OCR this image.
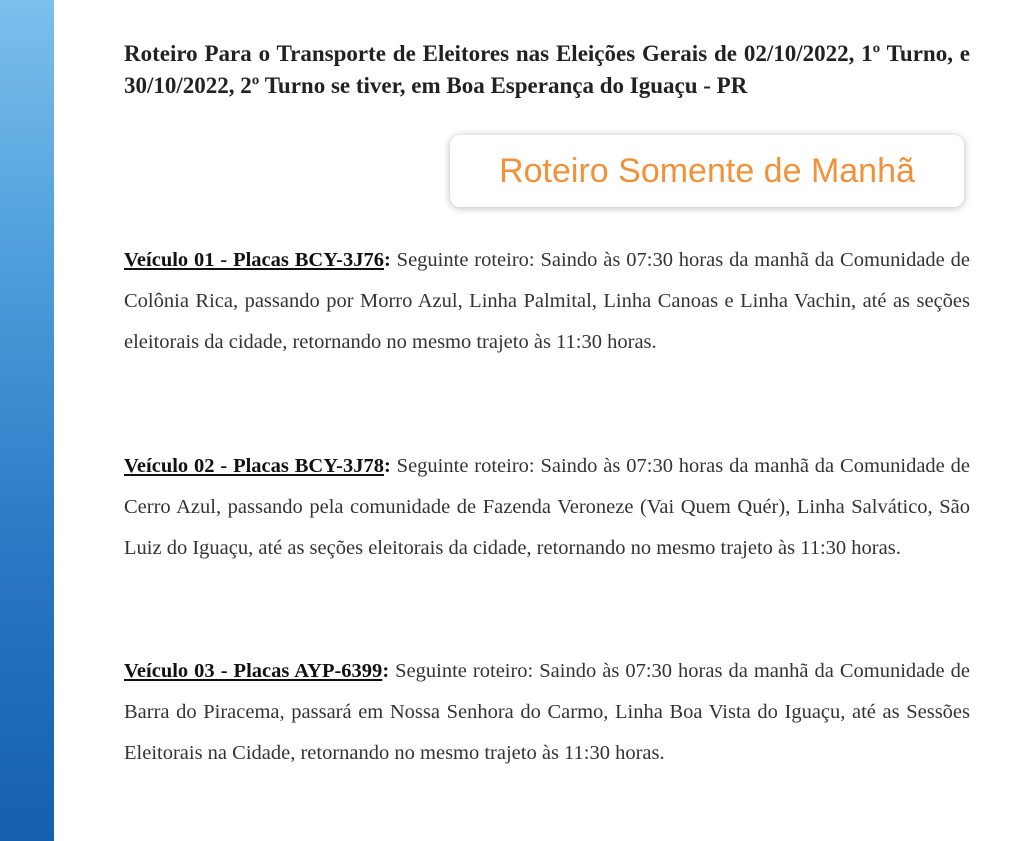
Roteiro Para o Transporte de Eleitores nas Eleições Gerais de 02/10/2022, 1º Turno, e 30/10/2022, 2º Turno se tiver, em Boa Esperança do Iguaçu - PR

Roteiro Somente de Manhã

Veículo 01 - Placas BCY-3J76: Seguinte roteiro: Saindo às 07:30 horas da manhã da Comunidade de Colônia Rica, passando por Morro Azul, Linha Palmital, Linha Canoas e Linha Vachin, até as seções eleitorais da cidade, retornando no mesmo trajeto às 11:30 horas.

Veículo 02 - Placas BCY-3J78: Seguinte roteiro: Saindo às 07:30 horas da manhã da Comunidade de Cerro Azul, passando pela comunidade de Fazenda Veroneze (Vai Quem Quér), Linha Salvático, São Luiz do Iguaçu, até as seções eleitorais da cidade, retornando no mesmo trajeto às 11:30 horas.

Veículo 03 - Placas AYP-6399: Seguinte roteiro: Saindo às 07:30 horas da manhã da Comunidade de Barra do Piracema, passará em Nossa Senhora do Carmo, Linha Boa Vista do Iguaçu, até as Sessões Eleitorais na Cidade, retornando no mesmo trajeto às 11:30 horas.
